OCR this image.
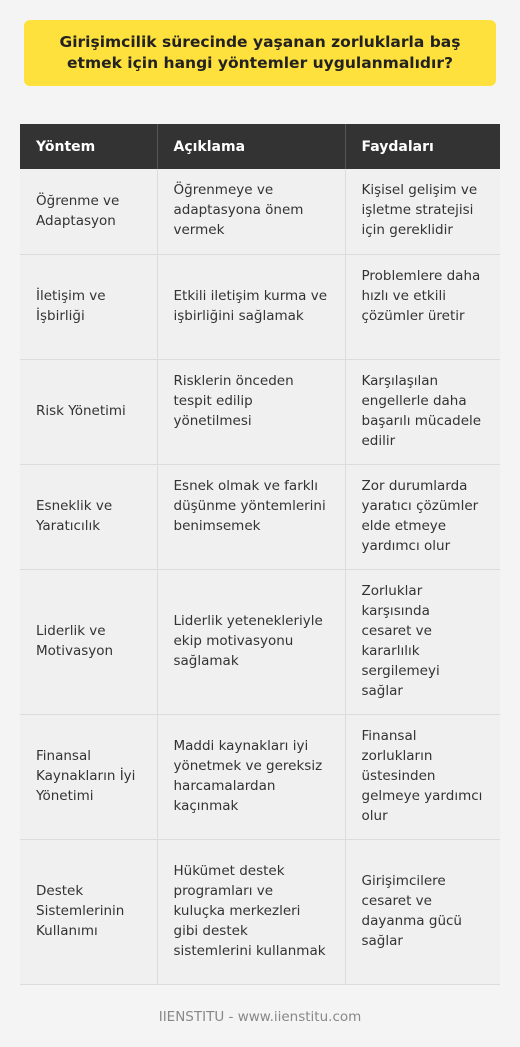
Girişimcilik sürecinde yaşanan zorluklarla baş etmek için hangi yöntemler uygulanmalıdır?
Yöntem	Açıklama	Faydaları
Öğrenme ve Adaptasyon	Öğrenmeye ve adaptasyona önem vermek	Kişisel gelişim ve işletme stratejisi için gereklidir
İletişim ve İşbirliği	Etkili iletişim kurma ve işbirliğini sağlamak	Problemlere daha hızlı ve etkili çözümler üretir
Risk Yönetimi	Risklerin önceden tespit edilip yönetilmesi	Karşılaşılan engellerle daha başarılı mücadele edilir
Esneklik ve Yaratıcılık	Esnek olmak ve farklı düşünme yöntemlerini benimsemek	Zor durumlarda yaratıcı çözümler elde etmeye yardımcı olur
Liderlik ve Motivasyon	Liderlik yetenekleriyle ekip motivasyonu sağlamak	Zorluklar karşısında cesaret ve kararlılık sergilemeyi sağlar
Finansal Kaynakların İyi Yönetimi	Maddi kaynakları iyi yönetmek ve gereksiz harcamalardan kaçınmak	Finansal zorlukların üstesinden gelmeye yardımcı olur
Destek Sistemlerinin Kullanımı	Hükümet destek programları ve kuluçka merkezleri gibi destek sistemlerini kullanmak	Girişimcilere cesaret ve dayanma gücü sağlar
IIENSTITU - www.iienstitu.com
